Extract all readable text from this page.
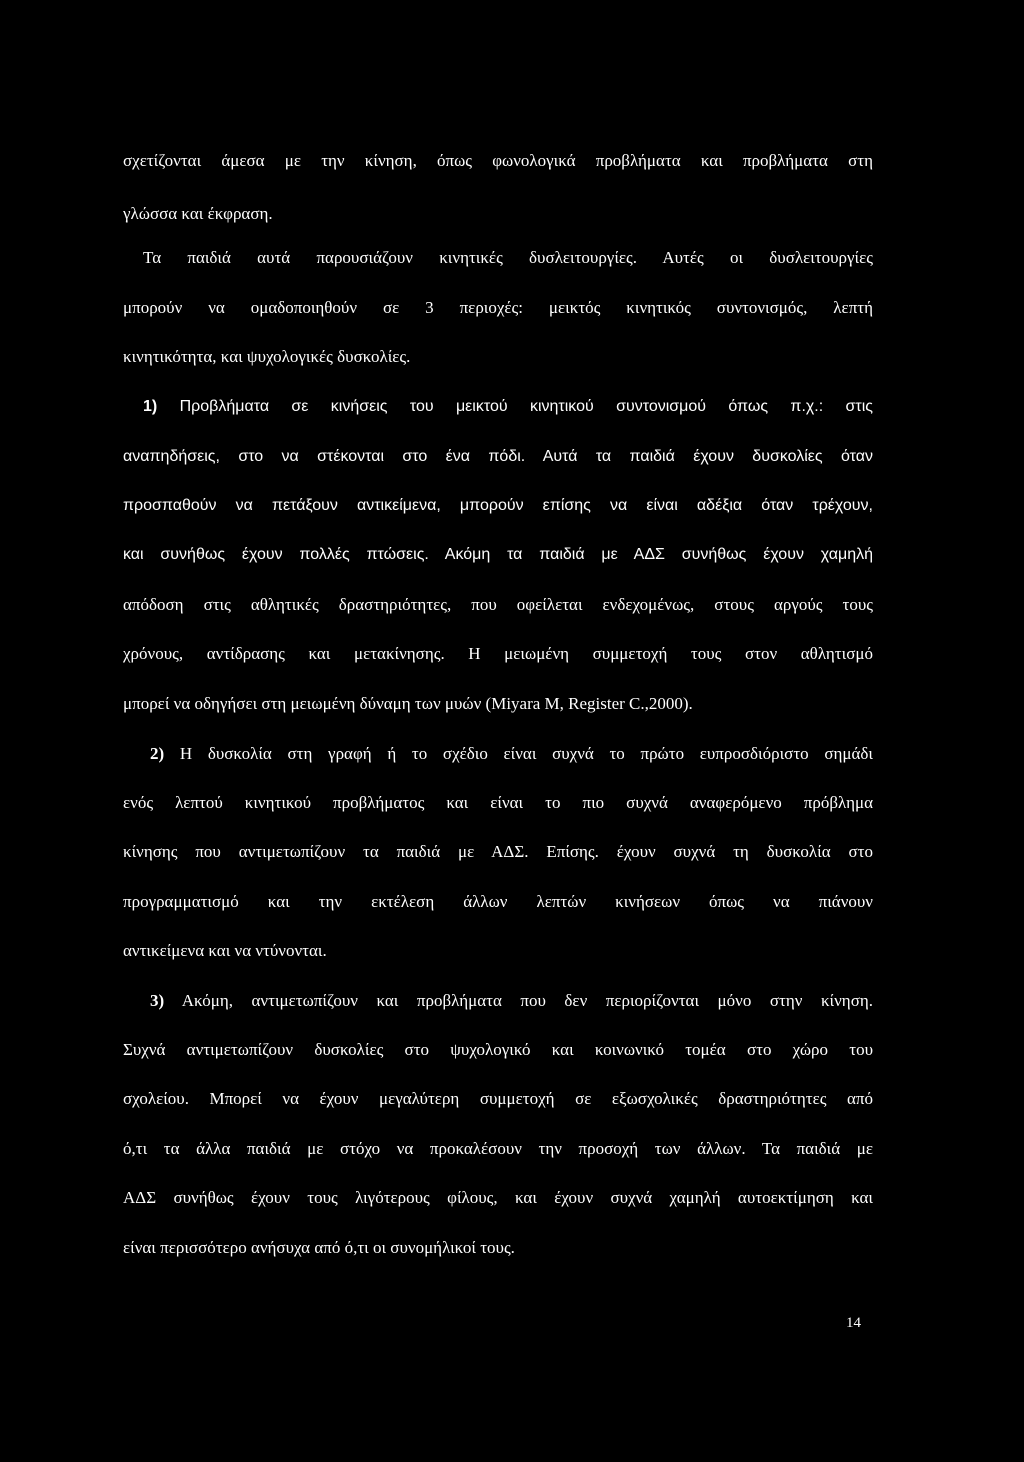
σχετίζονται άμεσα με την κίνηση, όπως φωνολογικά προβλήματα και προβλήματα στη
γλώσσα και έκφραση.
Τα παιδιά αυτά παρουσιάζουν κινητικές δυσλειτουργίες. Αυτές οι δυσλειτουργίες
μπορούν να ομαδοποιηθούν σε 3 περιοχές: μεικτός κινητικός συντονισμός, λεπτή
κινητικότητα, και ψυχολογικές δυσκολίες.
1) Προβλήματα σε κινήσεις του μεικτού κινητικού συντονισμού όπως π.χ.: στις
αναπηδήσεις, στο να στέκονται στο ένα πόδι. Αυτά τα παιδιά έχουν δυσκολίες όταν
προσπαθούν να πετάξουν αντικείμενα, μπορούν επίσης να είναι αδέξια όταν τρέχουν,
και συνήθως έχουν πολλές πτώσεις. Ακόμη τα παιδιά με ΑΔΣ συνήθως έχουν χαμηλή
απόδοση στις αθλητικές δραστηριότητες, που οφείλεται ενδεχομένως, στους αργούς τους
χρόνους, αντίδρασης και μετακίνησης. Η μειωμένη συμμετοχή τους στον αθλητισμό
μπορεί να οδηγήσει στη μειωμένη δύναμη των μυών (Miyara M, Register C.,2000).
2) Η δυσκολία στη γραφή ή το σχέδιο είναι συχνά το πρώτο ευπροσδιόριστο σημάδι
ενός λεπτού κινητικού προβλήματος και είναι το πιο συχνά αναφερόμενο πρόβλημα
κίνησης που αντιμετωπίζουν τα παιδιά με ΑΔΣ. Επίσης. έχουν συχνά τη δυσκολία στο
προγραμματισμό και την εκτέλεση άλλων λεπτών κινήσεων όπως να πιάνουν
αντικείμενα και να ντύνονται.
3) Ακόμη, αντιμετωπίζουν και προβλήματα που δεν περιορίζονται μόνο στην κίνηση.
Συχνά αντιμετωπίζουν δυσκολίες στο ψυχολογικό και κοινωνικό τομέα στο χώρο του
σχολείου. Μπορεί να έχουν μεγαλύτερη συμμετοχή σε εξωσχολικές δραστηριότητες από
ό,τι τα άλλα παιδιά με στόχο να προκαλέσουν την προσοχή των άλλων. Τα παιδιά με
ΑΔΣ συνήθως έχουν τους λιγότερους φίλους, και έχουν συχνά χαμηλή αυτοεκτίμηση και
είναι περισσότερο ανήσυχα από ό,τι οι συνομήλικοί τους.
14
